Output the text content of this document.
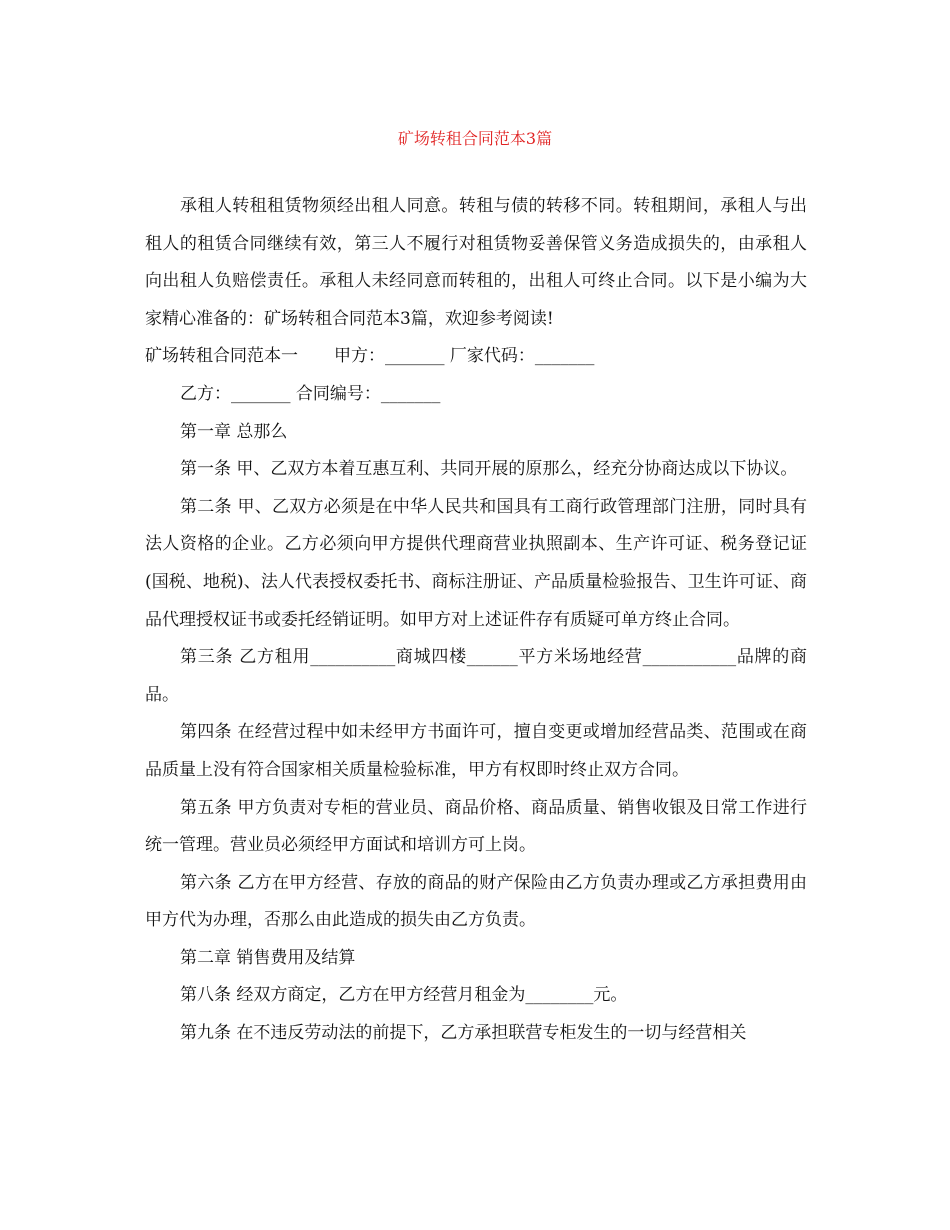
矿场转租合同范本3篇

承租人转租租赁物须经出租人同意。转租与债的转移不同。转租期间，承租人与出租人的租赁合同继续有效，第三人不履行对租赁物妥善保管义务造成损失的，由承租人向出租人负赔偿责任。承租人未经同意而转租的，出租人可终止合同。以下是小编为大家精心准备的：矿场转租合同范本3篇，欢迎参考阅读!

矿场转租合同范本一 甲方：_______ 厂家代码：_______

乙方：_______ 合同编号：_______

第一章 总那么

第一条 甲、乙双方本着互惠互利、共同开展的原那么，经充分协商达成以下协议。

第二条 甲、乙双方必须是在中华人民共和国具有工商行政管理部门注册，同时具有法人资格的企业。乙方必须向甲方提供代理商营业执照副本、生产许可证、税务登记证(国税、地税)、法人代表授权委托书、商标注册证、产品质量检验报告、卫生许可证、商品代理授权证书或委托经销证明。如甲方对上述证件存有质疑可单方终止合同。

第三条 乙方租用__________商城四楼______平方米场地经营___________品牌的商品。

第四条 在经营过程中如未经甲方书面许可，擅自变更或增加经营品类、范围或在商品质量上没有符合国家相关质量检验标准，甲方有权即时终止双方合同。

第五条 甲方负责对专柜的营业员、商品价格、商品质量、销售收银及日常工作进行统一管理。营业员必须经甲方面试和培训方可上岗。

第六条 乙方在甲方经营、存放的商品的财产保险由乙方负责办理或乙方承担费用由甲方代为办理，否那么由此造成的损失由乙方负责。

第二章 销售费用及结算

第八条 经双方商定，乙方在甲方经营月租金为________元。

第九条 在不违反劳动法的前提下，乙方承担联营专柜发生的一切与经营相关
